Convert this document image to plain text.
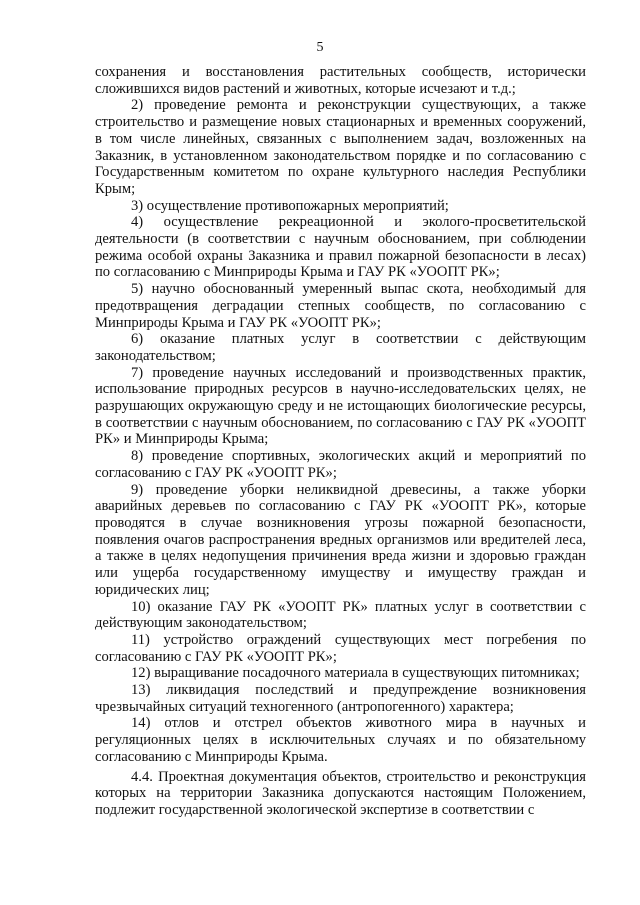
5

сохранения и восстановления растительных сообществ, исторически сложившихся видов растений и животных, которые исчезают и т.д.;

2) проведение ремонта и реконструкции существующих, а также строительство и размещение новых стационарных и временных сооружений, в том числе линейных, связанных с выполнением задач, возложенных на Заказник, в установленном законодательством порядке и по согласованию с Государственным комитетом по охране культурного наследия Республики Крым;

3) осуществление противопожарных мероприятий;

4) осуществление рекреационной и эколого-просветительской деятельности (в соответствии с научным обоснованием, при соблюдении режима особой охраны Заказника и правил пожарной безопасности в лесах) по согласованию с Минприроды Крыма и ГАУ РК «УООПТ РК»;

5) научно обоснованный умеренный выпас скота, необходимый для предотвращения деградации степных сообществ, по согласованию с Минприроды Крыма и ГАУ РК «УООПТ РК»;

6) оказание платных услуг в соответствии с действующим законодательством;

7) проведение научных исследований и производственных практик, использование природных ресурсов в научно-исследовательских целях, не разрушающих окружающую среду и не истощающих биологические ресурсы, в соответствии с научным обоснованием, по согласованию с ГАУ РК «УООПТ РК» и Минприроды Крыма;

8) проведение спортивных, экологических акций и мероприятий по согласованию с ГАУ РК «УООПТ РК»;

9) проведение уборки неликвидной древесины, а также уборки аварийных деревьев по согласованию с ГАУ РК «УООПТ РК», которые проводятся в случае возникновения угрозы пожарной безопасности, появления очагов распространения вредных организмов или вредителей леса, а также в целях недопущения причинения вреда жизни и здоровью граждан или ущерба государственному имуществу и имуществу граждан и юридических лиц;

10) оказание ГАУ РК «УООПТ РК» платных услуг в соответствии с действующим законодательством;

11) устройство ограждений существующих мест погребения по согласованию с ГАУ РК «УООПТ РК»;

12) выращивание посадочного материала в существующих питомниках;

13) ликвидация последствий и предупреждение возникновения чрезвычайных ситуаций техногенного (антропогенного) характера;

14) отлов и отстрел объектов животного мира в научных и регуляционных целях в исключительных случаях и по обязательному согласованию с Минприроды Крыма.

4.4. Проектная документация объектов, строительство и реконструкция которых на территории Заказника допускаются настоящим Положением, подлежит государственной экологической экспертизе в соответствии с
